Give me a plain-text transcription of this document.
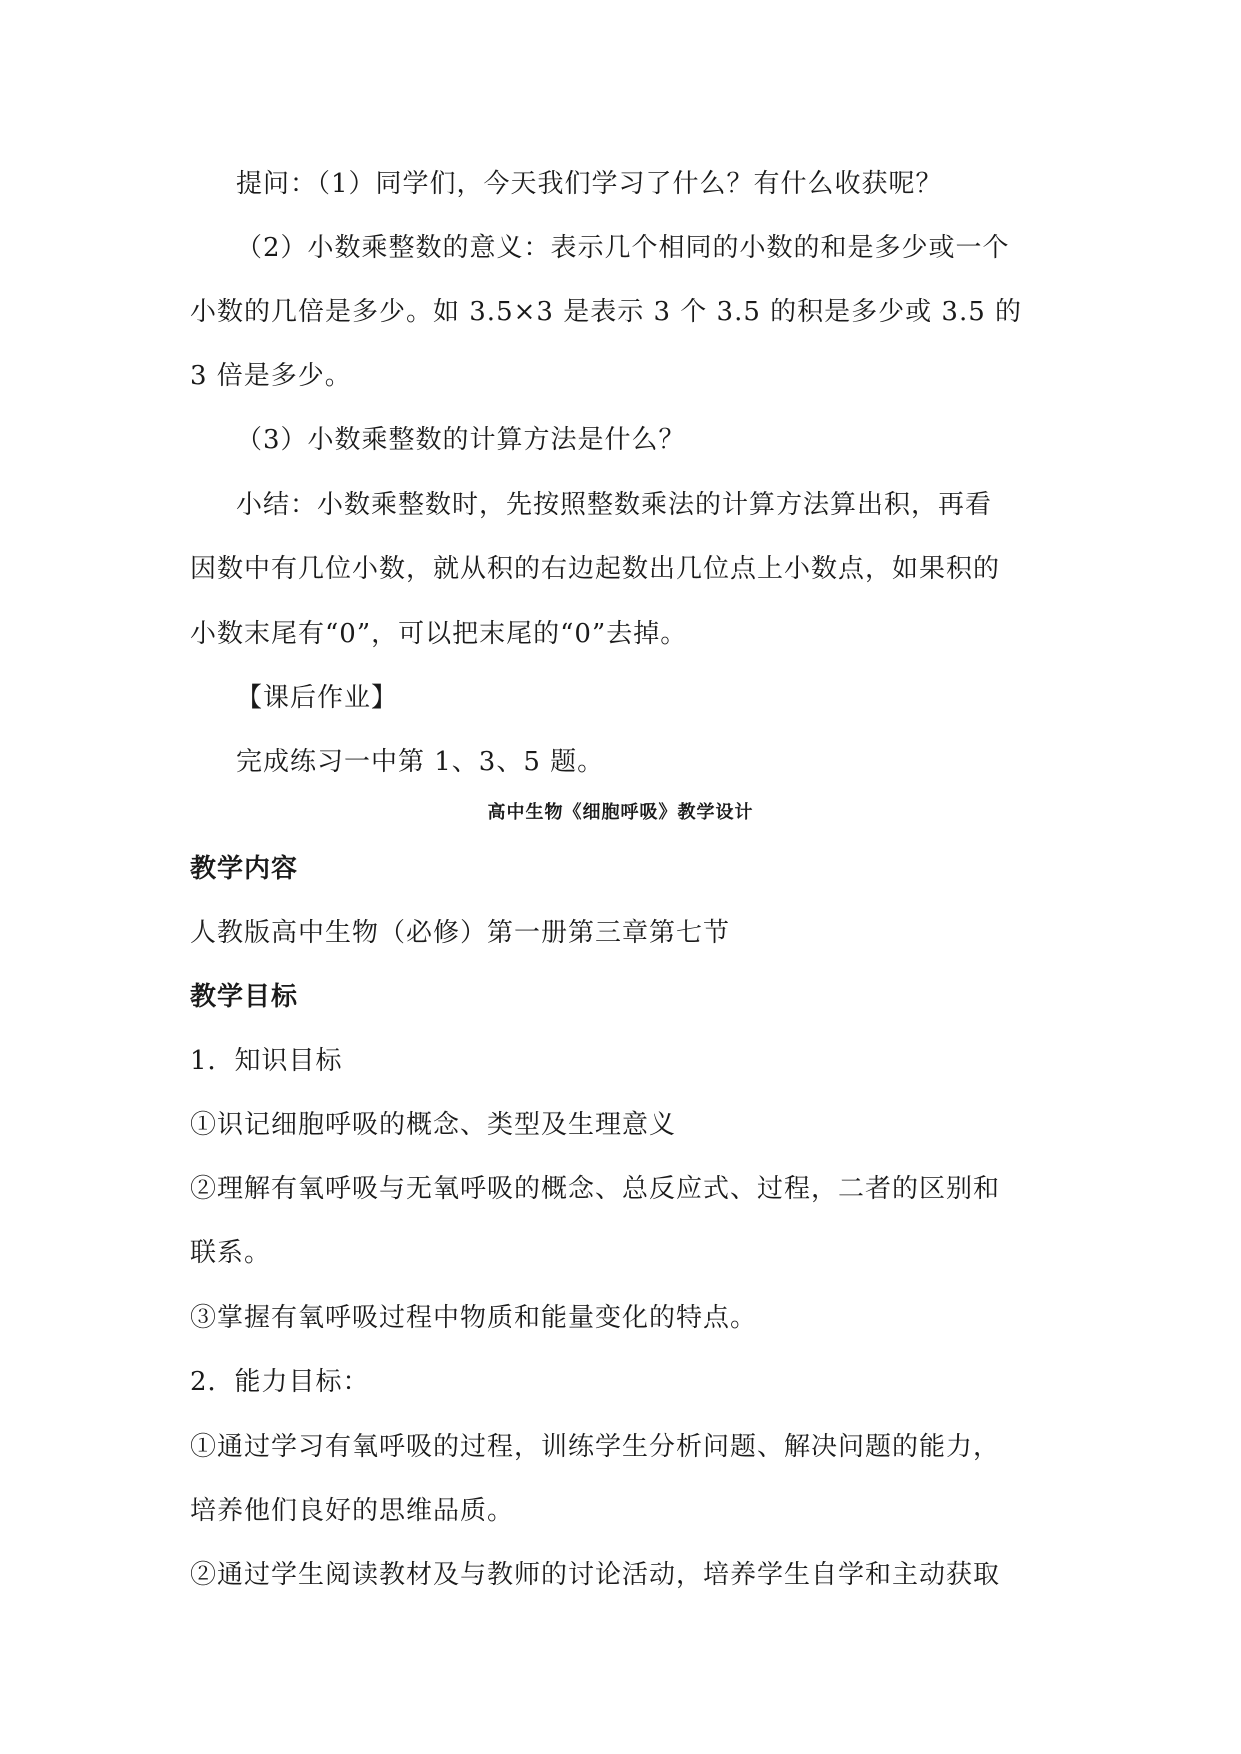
提问：（1）同学们，今天我们学习了什么？有什么收获呢？
（2）小数乘整数的意义：表示几个相同的小数的和是多少或一个
小数的几倍是多少。如 3.5×3 是表示 3 个 3.5 的积是多少或 3.5 的
3 倍是多少。
（3）小数乘整数的计算方法是什么？
小结：小数乘整数时，先按照整数乘法的计算方法算出积，再看
因数中有几位小数，就从积的右边起数出几位点上小数点，如果积的
小数末尾有“0”，可以把末尾的“0”去掉。
【课后作业】
完成练习一中第 1、3、5 题。
高中生物《细胞呼吸》教学设计
教学内容
人教版高中生物（必修）第一册第三章第七节
教学目标
1．知识目标
①识记细胞呼吸的概念、类型及生理意义
②理解有氧呼吸与无氧呼吸的概念、总反应式、过程，二者的区别和
联系。
③掌握有氧呼吸过程中物质和能量变化的特点。
2．能力目标：
①通过学习有氧呼吸的过程，训练学生分析问题、解决问题的能力，
培养他们良好的思维品质。
②通过学生阅读教材及与教师的讨论活动，培养学生自学和主动获取
